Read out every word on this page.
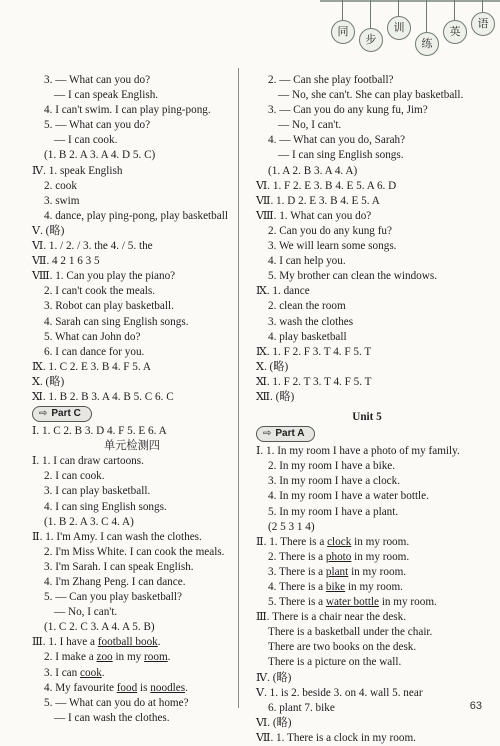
同
步
训
练
英
语
3. — What can you do?
— I can speak English.
4. I can't swim. I can play ping-pong.
5. — What can you do?
— I can cook.
(1. B 2. A 3. A 4. D 5. C)
Ⅳ. 1. speak English
2. cook
3. swim
4. dance, play ping-pong, play basketball
Ⅴ. (略)
Ⅵ. 1. / 2. / 3. the 4. / 5. the
Ⅶ. 4 2 1 6 3 5
Ⅷ. 1. Can you play the piano?
2. I can't cook the meals.
3. Robot can play basketball.
4. Sarah can sing English songs.
5. What can John do?
6. I can dance for you.
Ⅸ. 1. C 2. E 3. B 4. F 5. A
Ⅹ. (略)
Ⅺ. 1. B 2. B 3. A 4. B 5. C 6. C
⇨ Part C
Ⅰ. 1. C 2. B 3. D 4. F 5. E 6. A
单元检测四
Ⅰ. 1. I can draw cartoons.
2. I can cook.
3. I can play basketball.
4. I can sing English songs.
(1. B 2. A 3. C 4. A)
Ⅱ. 1. I'm Amy. I can wash the clothes.
2. I'm Miss White. I can cook the meals.
3. I'm Sarah. I can speak English.
4. I'm Zhang Peng. I can dance.
5. — Can you play basketball?
— No, I can't.
(1. C 2. C 3. A 4. A 5. B)
Ⅲ. 1. I have a football book.
2. I make a zoo in my room.
3. I can cook.
4. My favourite food is noodles.
5. — What can you do at home?
— I can wash the clothes.
2. — Can she play football?
— No, she can't. She can play basketball.
3. — Can you do any kung fu, Jim?
— No, I can't.
4. — What can you do, Sarah?
— I can sing English songs.
(1. A 2. B 3. A 4. A)
Ⅵ. 1. F 2. E 3. B 4. E 5. A 6. D
Ⅶ. 1. D 2. E 3. B 4. E 5. A
Ⅷ. 1. What can you do?
2. Can you do any kung fu?
3. We will learn some songs.
4. I can help you.
5. My brother can clean the windows.
Ⅸ. 1. dance
2. clean the room
3. wash the clothes
4. play basketball
Ⅸ. 1. F 2. F 3. T 4. F 5. T
Ⅹ. (略)
Ⅺ. 1. F 2. T 3. T 4. F 5. T
Ⅻ. (略)
Unit 5
⇨ Part A
Ⅰ. 1. In my room I have a photo of my family.
2. In my room I have a bike.
3. In my room I have a clock.
4. In my room I have a water bottle.
5. In my room I have a plant.
(2 5 3 1 4)
Ⅱ. 1. There is a clock in my room.
2. There is a photo in my room.
3. There is a plant in my room.
4. There is a bike in my room.
5. There is a water bottle in my room.
Ⅲ. There is a chair near the desk.
There is a basketball under the chair.
There are two books on the desk.
There is a picture on the wall.
Ⅳ. (略)
Ⅴ. 1. is 2. beside 3. on 4. wall 5. near
6. plant 7. bike
Ⅵ. (略)
Ⅶ. 1. There is a clock in my room.
63
